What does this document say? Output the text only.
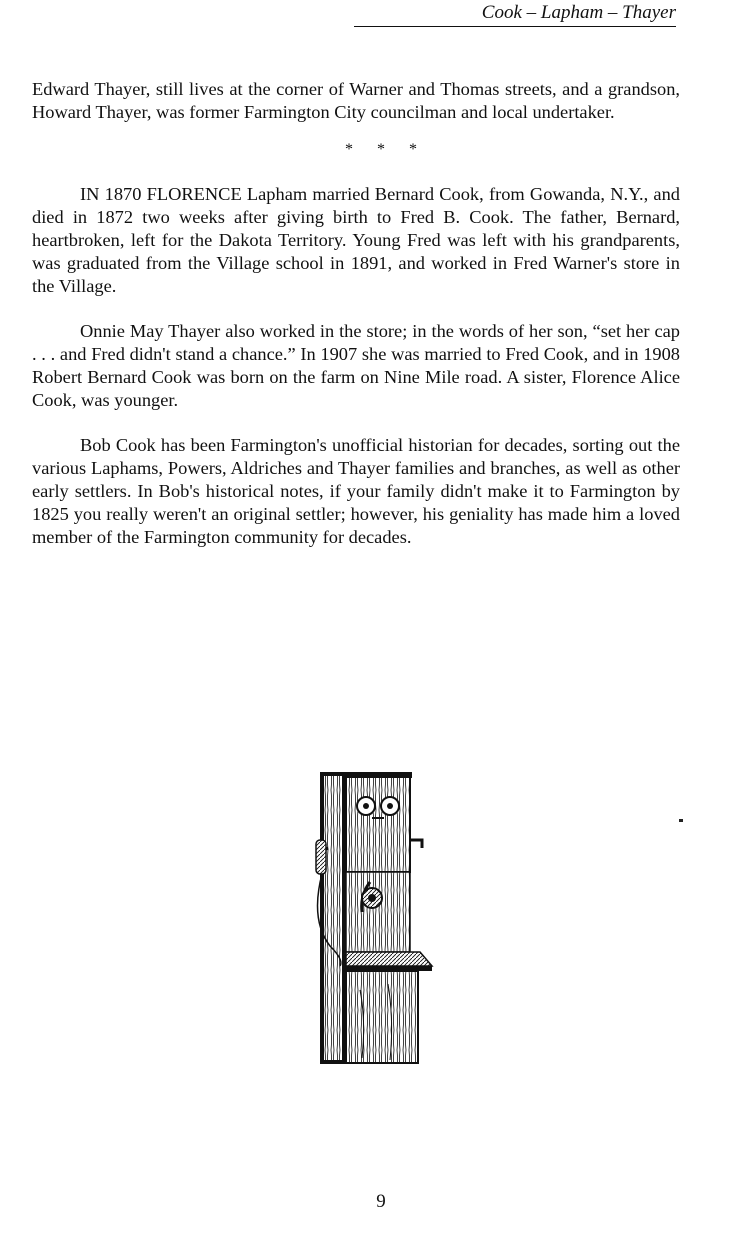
Cook – Lapham – Thayer

Edward Thayer, still lives at the corner of Warner and Thomas streets, and a grandson, Howard Thayer, was former Farmington City councilman and local undertaker.

* * *

IN 1870 FLORENCE Lapham married Bernard Cook, from Gowanda, N.Y., and died in 1872 two weeks after giving birth to Fred B. Cook. The father, Bernard, heartbroken, left for the Dakota Territory. Young Fred was left with his grandparents, was graduated from the Village school in 1891, and worked in Fred Warner's store in the Village.

Onnie May Thayer also worked in the store; in the words of her son, “set her cap . . . and Fred didn't stand a chance.” In 1907 she was married to Fred Cook, and in 1908 Robert Bernard Cook was born on the farm on Nine Mile road. A sister, Florence Alice Cook, was younger.

Bob Cook has been Farmington's unofficial historian for decades, sorting out the various Laphams, Powers, Aldriches and Thayer families and branches, as well as other early settlers. In Bob's historical notes, if your family didn't make it to Farmington by 1825 you really weren't an original settler; however, his geniality has made him a loved member of the Farmington community for decades.

9
